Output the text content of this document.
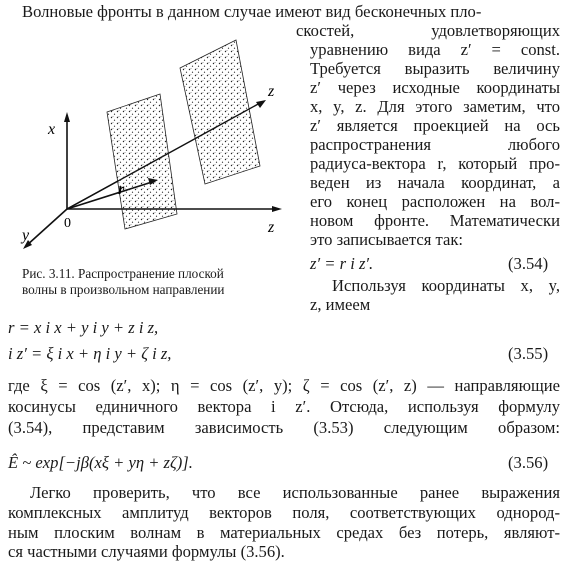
Волновые фронты в данном случае имеют вид бесконечных пло-
x
y	z
0
r
z
Рис. 3.11. Распространение плоской
волны в произвольном направлении
скостей, удовлетворяющих
уравнению вида z′ = const.
Требуется выразить величину
z′ через исходные координаты
x, y, z. Для этого заметим, что
z′ является проекцией на ось
распространения любого
радиуса-вектора r, который про-
веден из начала координат, а
его конец расположен на вол-
новом фронте. Математически
это записывается так:
z′ = r i z′.	(3.54)
Используя координаты x, y,
z, имеем
r = x i x + y i y + z i z,
i z′ = ξ i x + η i y + ζ i z,	(3.55)
где ξ = cos (z′, x); η = cos (z′, y); ζ = cos (z′, z) — направляющие
косинусы единичного вектора i z′. Отсюда, используя формулу
(3.54), представим зависимость (3.53) следующим образом:
Ê ~ exp[−jβ(xξ + yη + zζ)].	(3.56)
Легко проверить, что все использованные ранее выражения
комплексных амплитуд векторов поля, соответствующих однород-
ным плоским волнам в материальных средах без потерь, являют-
ся частными случаями формулы (3.56).
